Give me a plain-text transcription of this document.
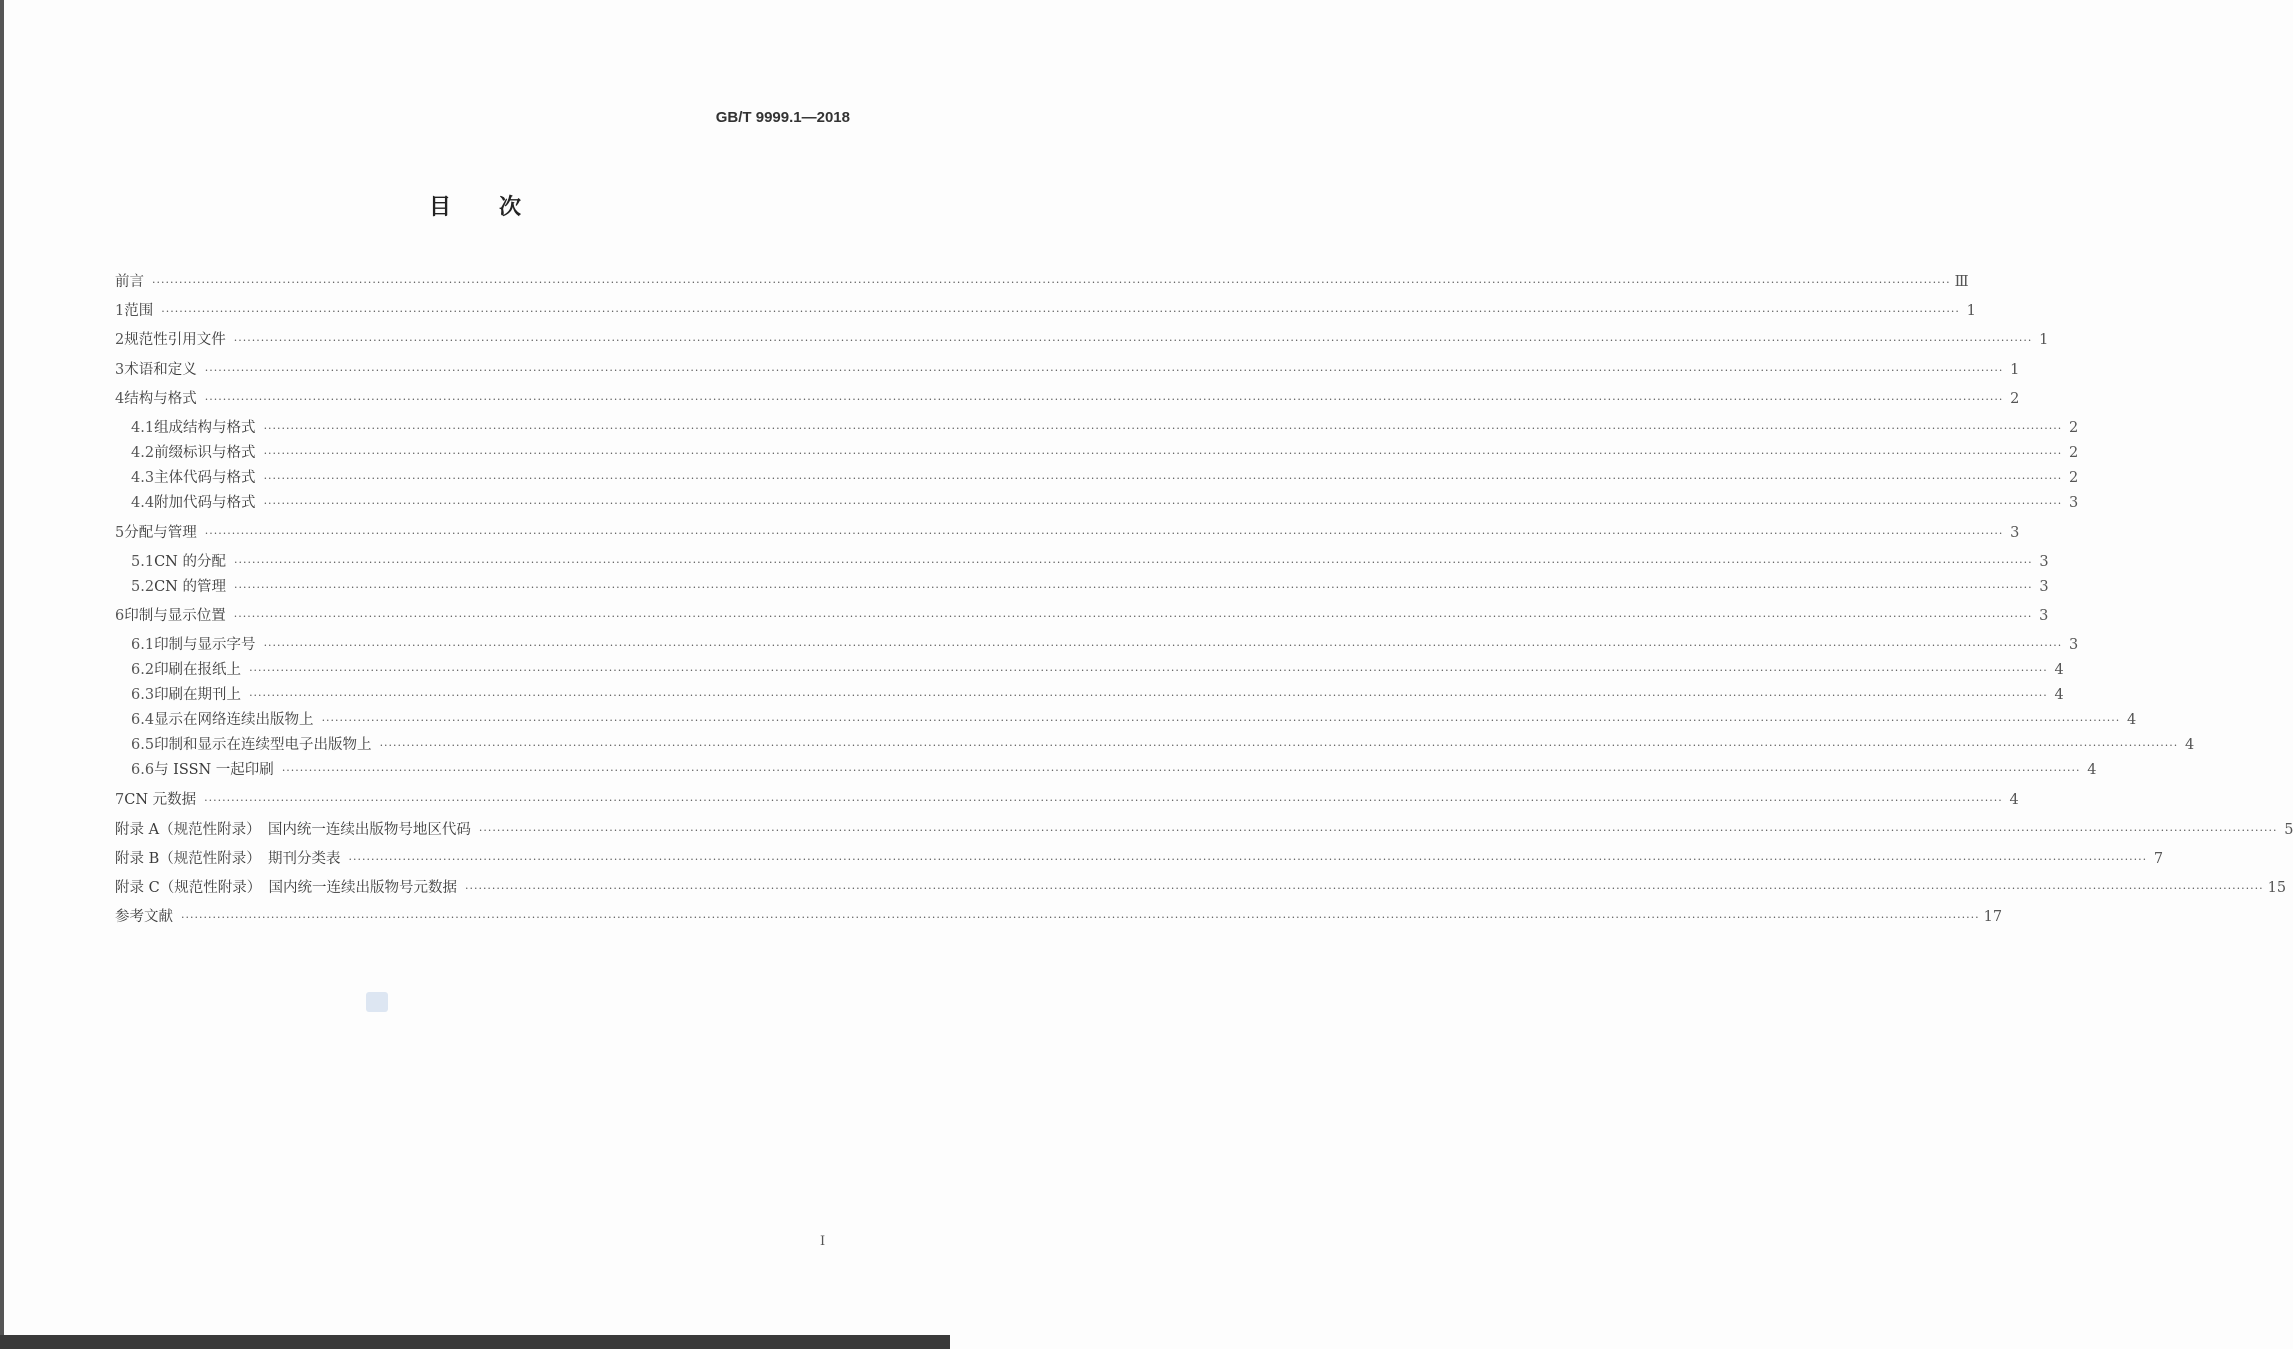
GB/T 9999.1—2018
目次
前言 ················································································································································································································································································································································································································ Ⅲ
1 范围 ················································································································································································································································································································································································································ 1
2 规范性引用文件 ················································································································································································································································································································································································································ 1
3 术语和定义 ················································································································································································································································································································································································································ 1
4 结构与格式 ················································································································································································································································································································································································································ 2
4.1 组成结构与格式 ················································································································································································································································································································································································································ 2
4.2 前缀标识与格式 ················································································································································································································································································································································································································ 2
4.3 主体代码与格式 ················································································································································································································································································································································································································ 2
4.4 附加代码与格式 ················································································································································································································································································································································································································ 3
5 分配与管理 ················································································································································································································································································································································································································ 3
5.1 CN 的分配 ················································································································································································································································································································································································································ 3
5.2 CN 的管理 ················································································································································································································································································································································································································ 3
6 印制与显示位置 ················································································································································································································································································································································································································ 3
6.1 印制与显示字号 ················································································································································································································································································································································································································ 3
6.2 印刷在报纸上 ················································································································································································································································································································································································································ 4
6.3 印刷在期刊上 ················································································································································································································································································································································································································ 4
6.4 显示在网络连续出版物上 ················································································································································································································································································································································································································ 4
6.5 印制和显示在连续型电子出版物上 ················································································································································································································································································································································································································ 4
6.6 与 ISSN 一起印刷 ················································································································································································································································································································································································································ 4
7 CN 元数据 ················································································································································································································································································································································································································ 4
附录 A（规范性附录）　国内统一连续出版物号地区代码 ················································································································································································································································································································································································································ 5
附录 B（规范性附录）　期刊分类表 ················································································································································································································································································································································································································ 7
附录 C（规范性附录）　国内统一连续出版物号元数据 ················································································································································································································································································································································································································ 15
参考文献 ················································································································································································································································································································································································································ 17
I
